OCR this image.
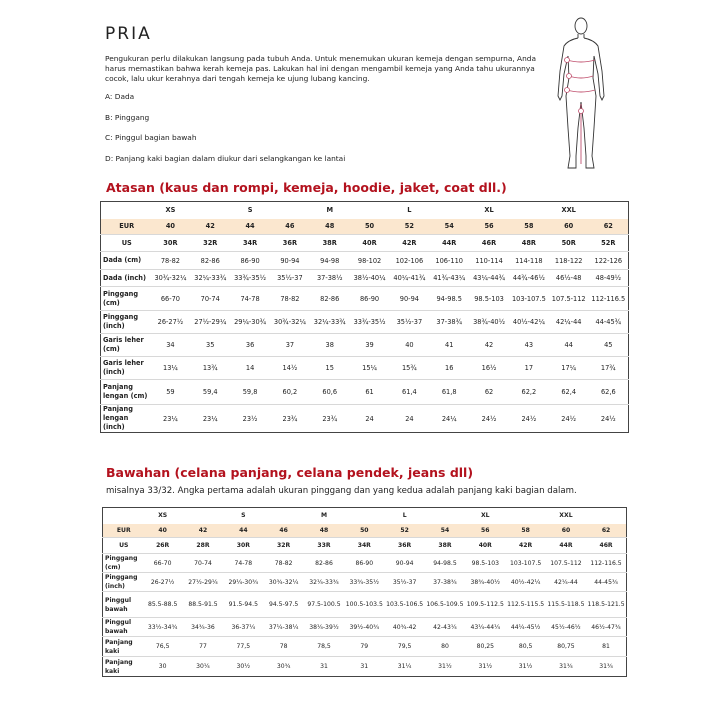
PRIA

Pengukuran perlu dilakukan langsung pada tubuh Anda. Untuk menemukan ukuran kemeja dengan sempurna, Anda harus memastikan bahwa kerah kemeja pas. Lakukan hal ini dengan mengambil kemeja yang Anda tahu ukurannya cocok, lalu ukur kerahnya dari tengah kemeja ke ujung lubang kancing.

A: Dada
B: Pinggang
C: Pinggul bagian bawah
D: Panjang kaki bagian dalam diukur dari selangkangan ke lantai
Atasan (kaus dan rompi, kemeja, hoodie, jaket, coat dll.)
	XS		S		M		L		XL		XXL	
EUR	40	42	44	46	48	50	52	54	56	58	60	62
US	30R	32R	34R	36R	38R	40R	42R	44R	46R	48R	50R	52R
Dada (cm)	78-82	82-86	86-90	90-94	94-98	98-102	102-106	106-110	110-114	114-118	118-122	122-126
Dada (inch)	30¾-32¼	32¼-33¾	33¾-35½	35½-37	37-38½	38½-40¼	40¼-41¾	41¾-43¼	43¼-44¾	44¾-46½	46½-48	48-49½
Pinggang (cm)	66-70	70-74	74-78	78-82	82-86	86-90	90-94	94-98.5	98.5-103	103-107.5	107.5-112	112-116.5
Pinggang (inch)	26-27½	27½-29¼	29¼-30¾	30¾-32¼	32¼-33¾	33¾-35½	35½-37	37-38¾	38¾-40½	40½-42¼	42¼-44	44-45¾
Garis leher (cm)	34	35	36	37	38	39	40	41	42	43	44	45
Garis leher (inch)	13¼	13¾	14	14½	15	15¼	15¾	16	16½	17	17¼	17¾
Panjang lengan (cm)	59	59,4	59,8	60,2	60,6	61	61,4	61,8	62	62,2	62,4	62,6
Panjang lengan (inch)	23¼	23¼	23½	23¾	23¾	24	24	24¼	24½	24½	24½	24½
Bawahan (celana panjang, celana pendek, jeans dll)
misalnya 33/32. Angka pertama adalah ukuran pinggang dan yang kedua adalah panjang kaki bagian dalam.
	XS		S		M		L		XL		XXL	
EUR	40	42	44	46	48	50	52	54	56	58	60	62
US	26R	28R	30R	32R	33R	34R	36R	38R	40R	42R	44R	46R
Pinggang (cm)	66-70	70-74	74-78	78-82	82-86	86-90	90-94	94-98.5	98.5-103	103-107.5	107.5-112	112-116.5
Pinggang (inch)	26-27½	27½-29¼	29¼-30¾	30¾-32¼	32¼-33¾	33¾-35½	35½-37	37-38¾	38¾-40½	40½-42¼	42¼-44	44-45¾
Pinggul bawah	85.5-88.5	88.5-91.5	91.5-94.5	94.5-97.5	97.5-100.5	100.5-103.5	103.5-106.5	106.5-109.5	109.5-112.5	112.5-115.5	115.5-118.5	118.5-121.5
Pinggul bawah	33½-34¾	34¾-36	36-37¼	37¼-38¼	38¼-39½	39½-40¾	40¾-42	42-43¼	43¼-44¼	44¼-45½	45½-46½	46½-47¾
Panjang kaki	76,5	77	77,5	78	78,5	79	79,5	80	80,25	80,5	80,75	81
Panjang kaki	30	30¼	30½	30¾	31	31	31¼	31½	31½	31½	31¾	31¾
